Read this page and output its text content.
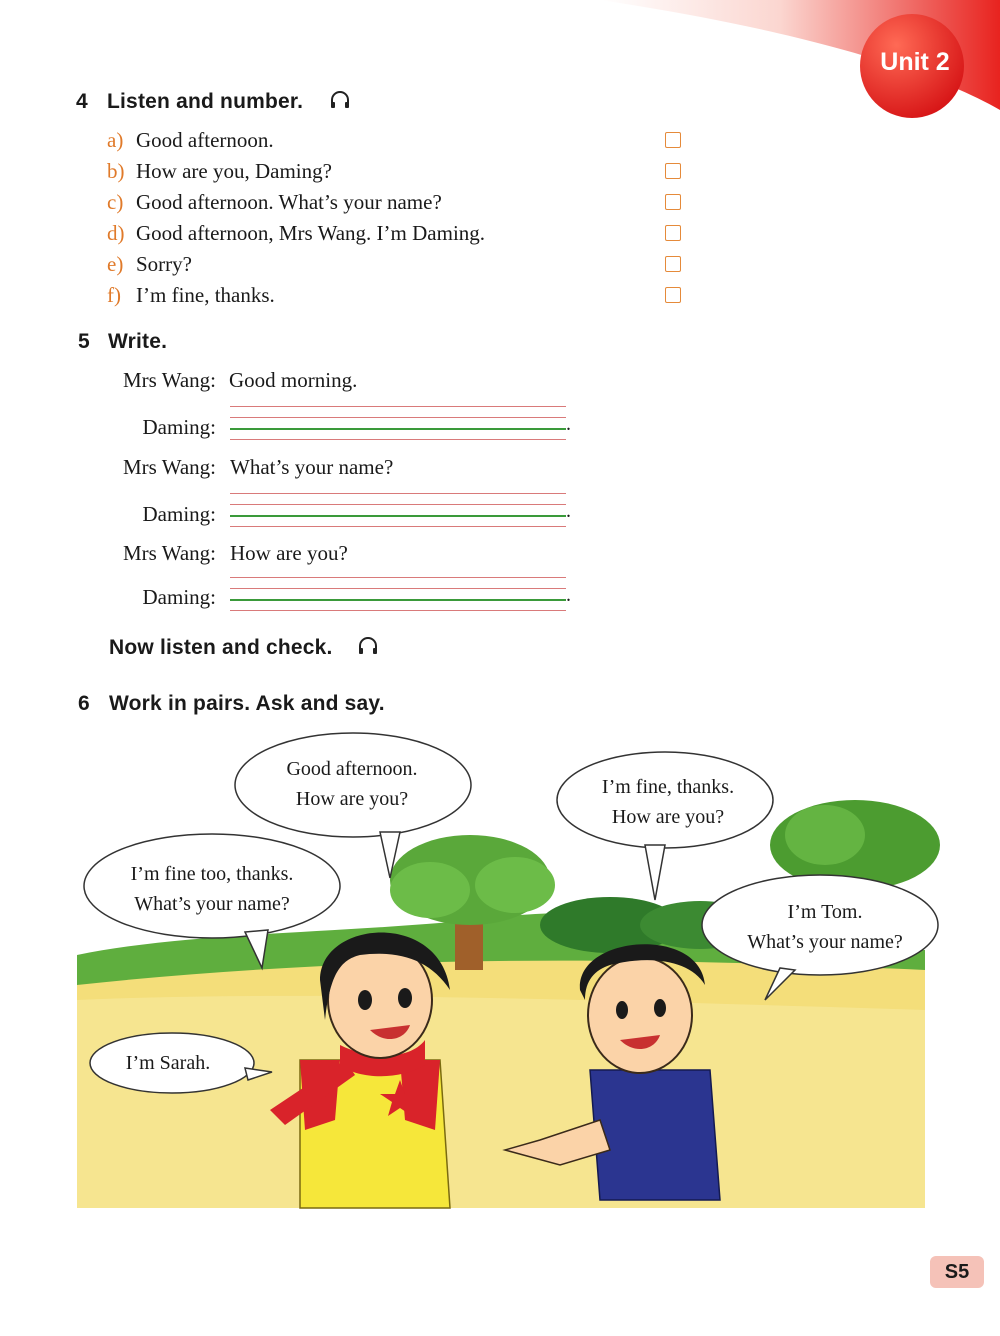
Unit 2
4 Listen and number.
a) Good afternoon.
b) How are you, Daming?
c) Good afternoon. What’s your name?
d) Good afternoon, Mrs Wang. I’m Daming.
e) Sorry?
f) I’m fine, thanks.
5 Write.
Mrs Wang: Good morning.
Daming:	.
Mrs Wang: What’s your name?
Daming:	.
Mrs Wang: How are you?
Daming:	.
Now listen and check.
6 Work in pairs. Ask and say.
Good afternoon.
How are you?
I’m fine, thanks.
How are you?
I’m fine too, thanks.
What’s your name?	I’m Tom.
What’s your name?
I’m Sarah.
S5
